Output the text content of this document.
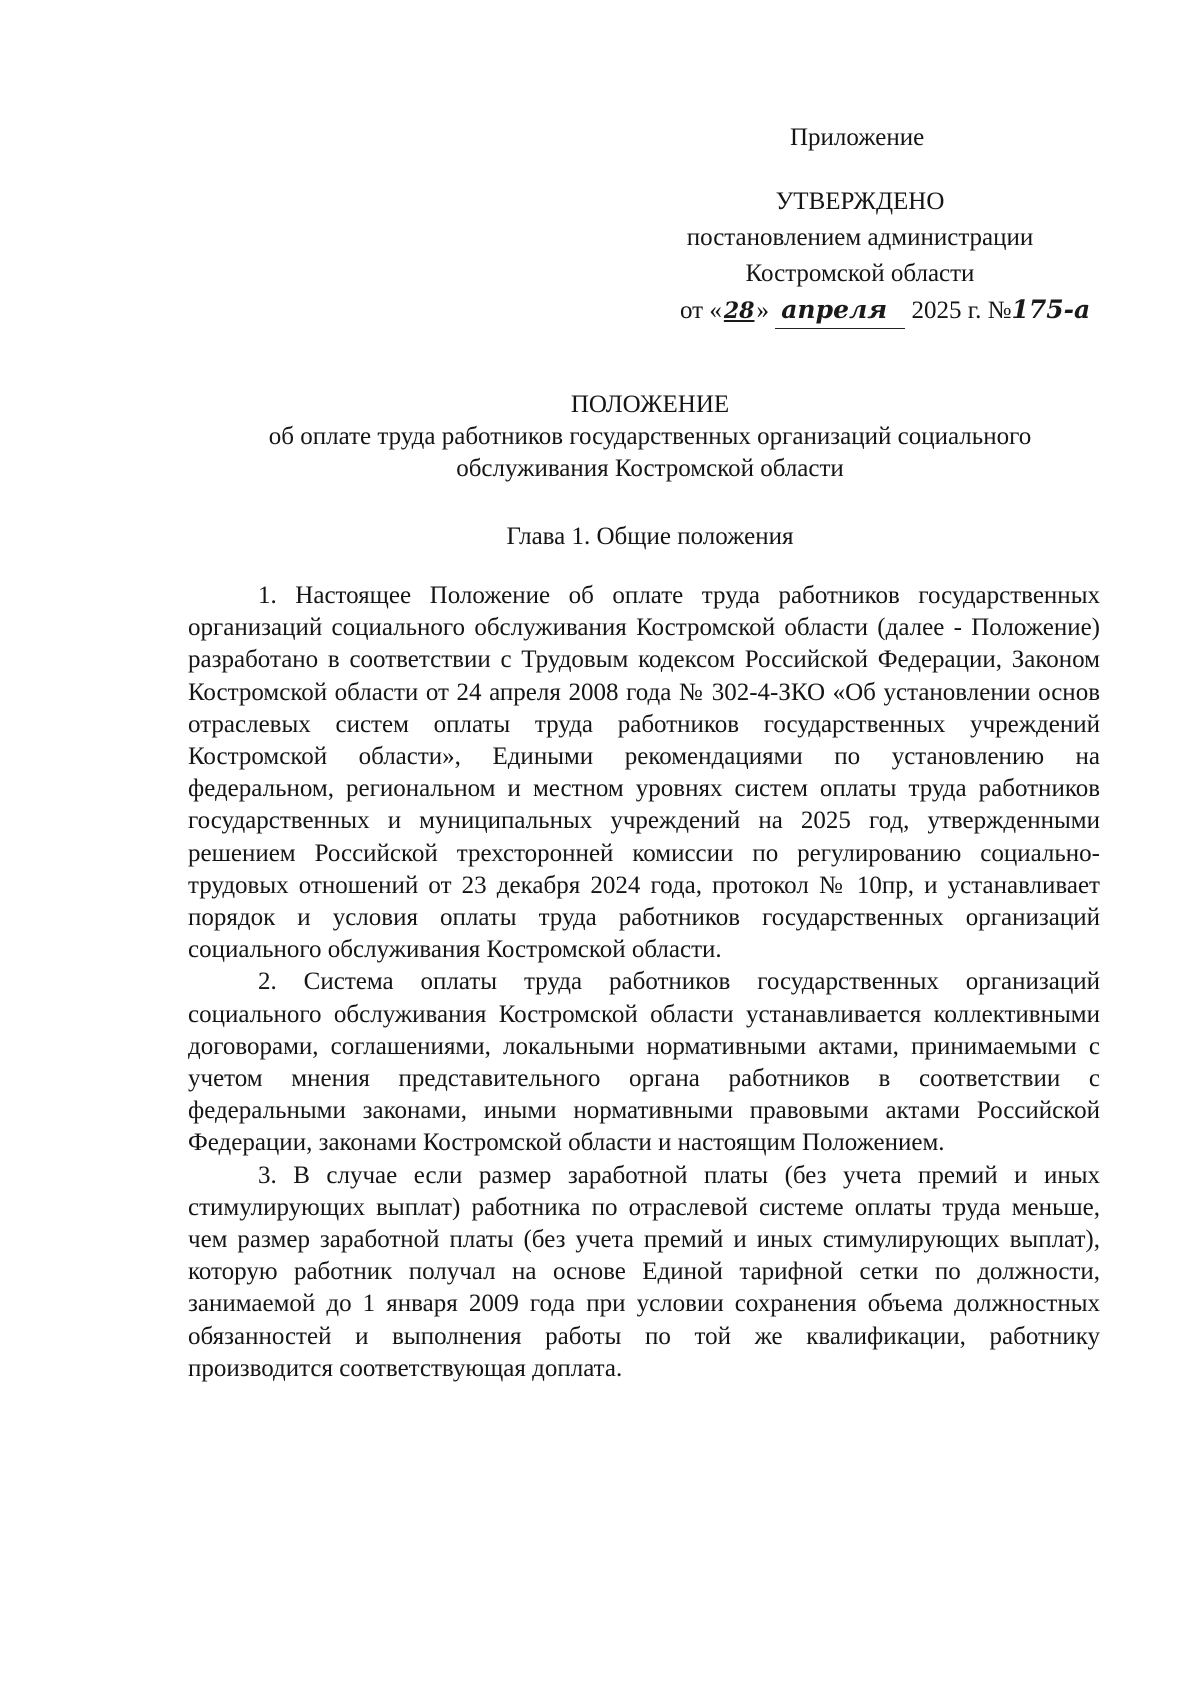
Приложение
УТВЕРЖДЕНО
постановлением администрации
Костромской области
от «28» апреля 2025 г. №175-а
ПОЛОЖЕНИЕ
об оплате труда работников государственных организаций социального
обслуживания Костромской области
Глава 1. Общие положения

1. Настоящее Положение об оплате труда работников государственных организаций социального обслуживания Костромской области (далее - Положение) разработано в соответствии с Трудовым кодексом Российской Федерации, Законом Костромской области от 24 апреля 2008 года № 302-4-ЗКО «Об установлении основ отраслевых систем оплаты труда работников государственных учреждений Костромской области», Едиными рекомендациями по установлению на федеральном, региональном и местном уровнях систем оплаты труда работников государственных и муниципальных учреждений на 2025 год, утвержденными решением Российской трехсторонней комиссии по регулированию социально-трудовых отношений от 23 декабря 2024 года, протокол № 10пр, и устанавливает порядок и условия оплаты труда работников государственных организаций социального обслуживания Костромской области.

2. Система оплаты труда работников государственных организаций социального обслуживания Костромской области устанавливается коллективными договорами, соглашениями, локальными нормативными актами, принимаемыми с учетом мнения представительного органа работников в соответствии с федеральными законами, иными нормативными правовыми актами Российской Федерации, законами Костромской области и настоящим Положением.

3. В случае если размер заработной платы (без учета премий и иных стимулирующих выплат) работника по отраслевой системе оплаты труда меньше, чем размер заработной платы (без учета премий и иных стимулирующих выплат), которую работник получал на основе Единой тарифной сетки по должности, занимаемой до 1 января 2009 года при условии сохранения объема должностных обязанностей и выполнения работы по той же квалификации, работнику производится соответствующая доплата.
